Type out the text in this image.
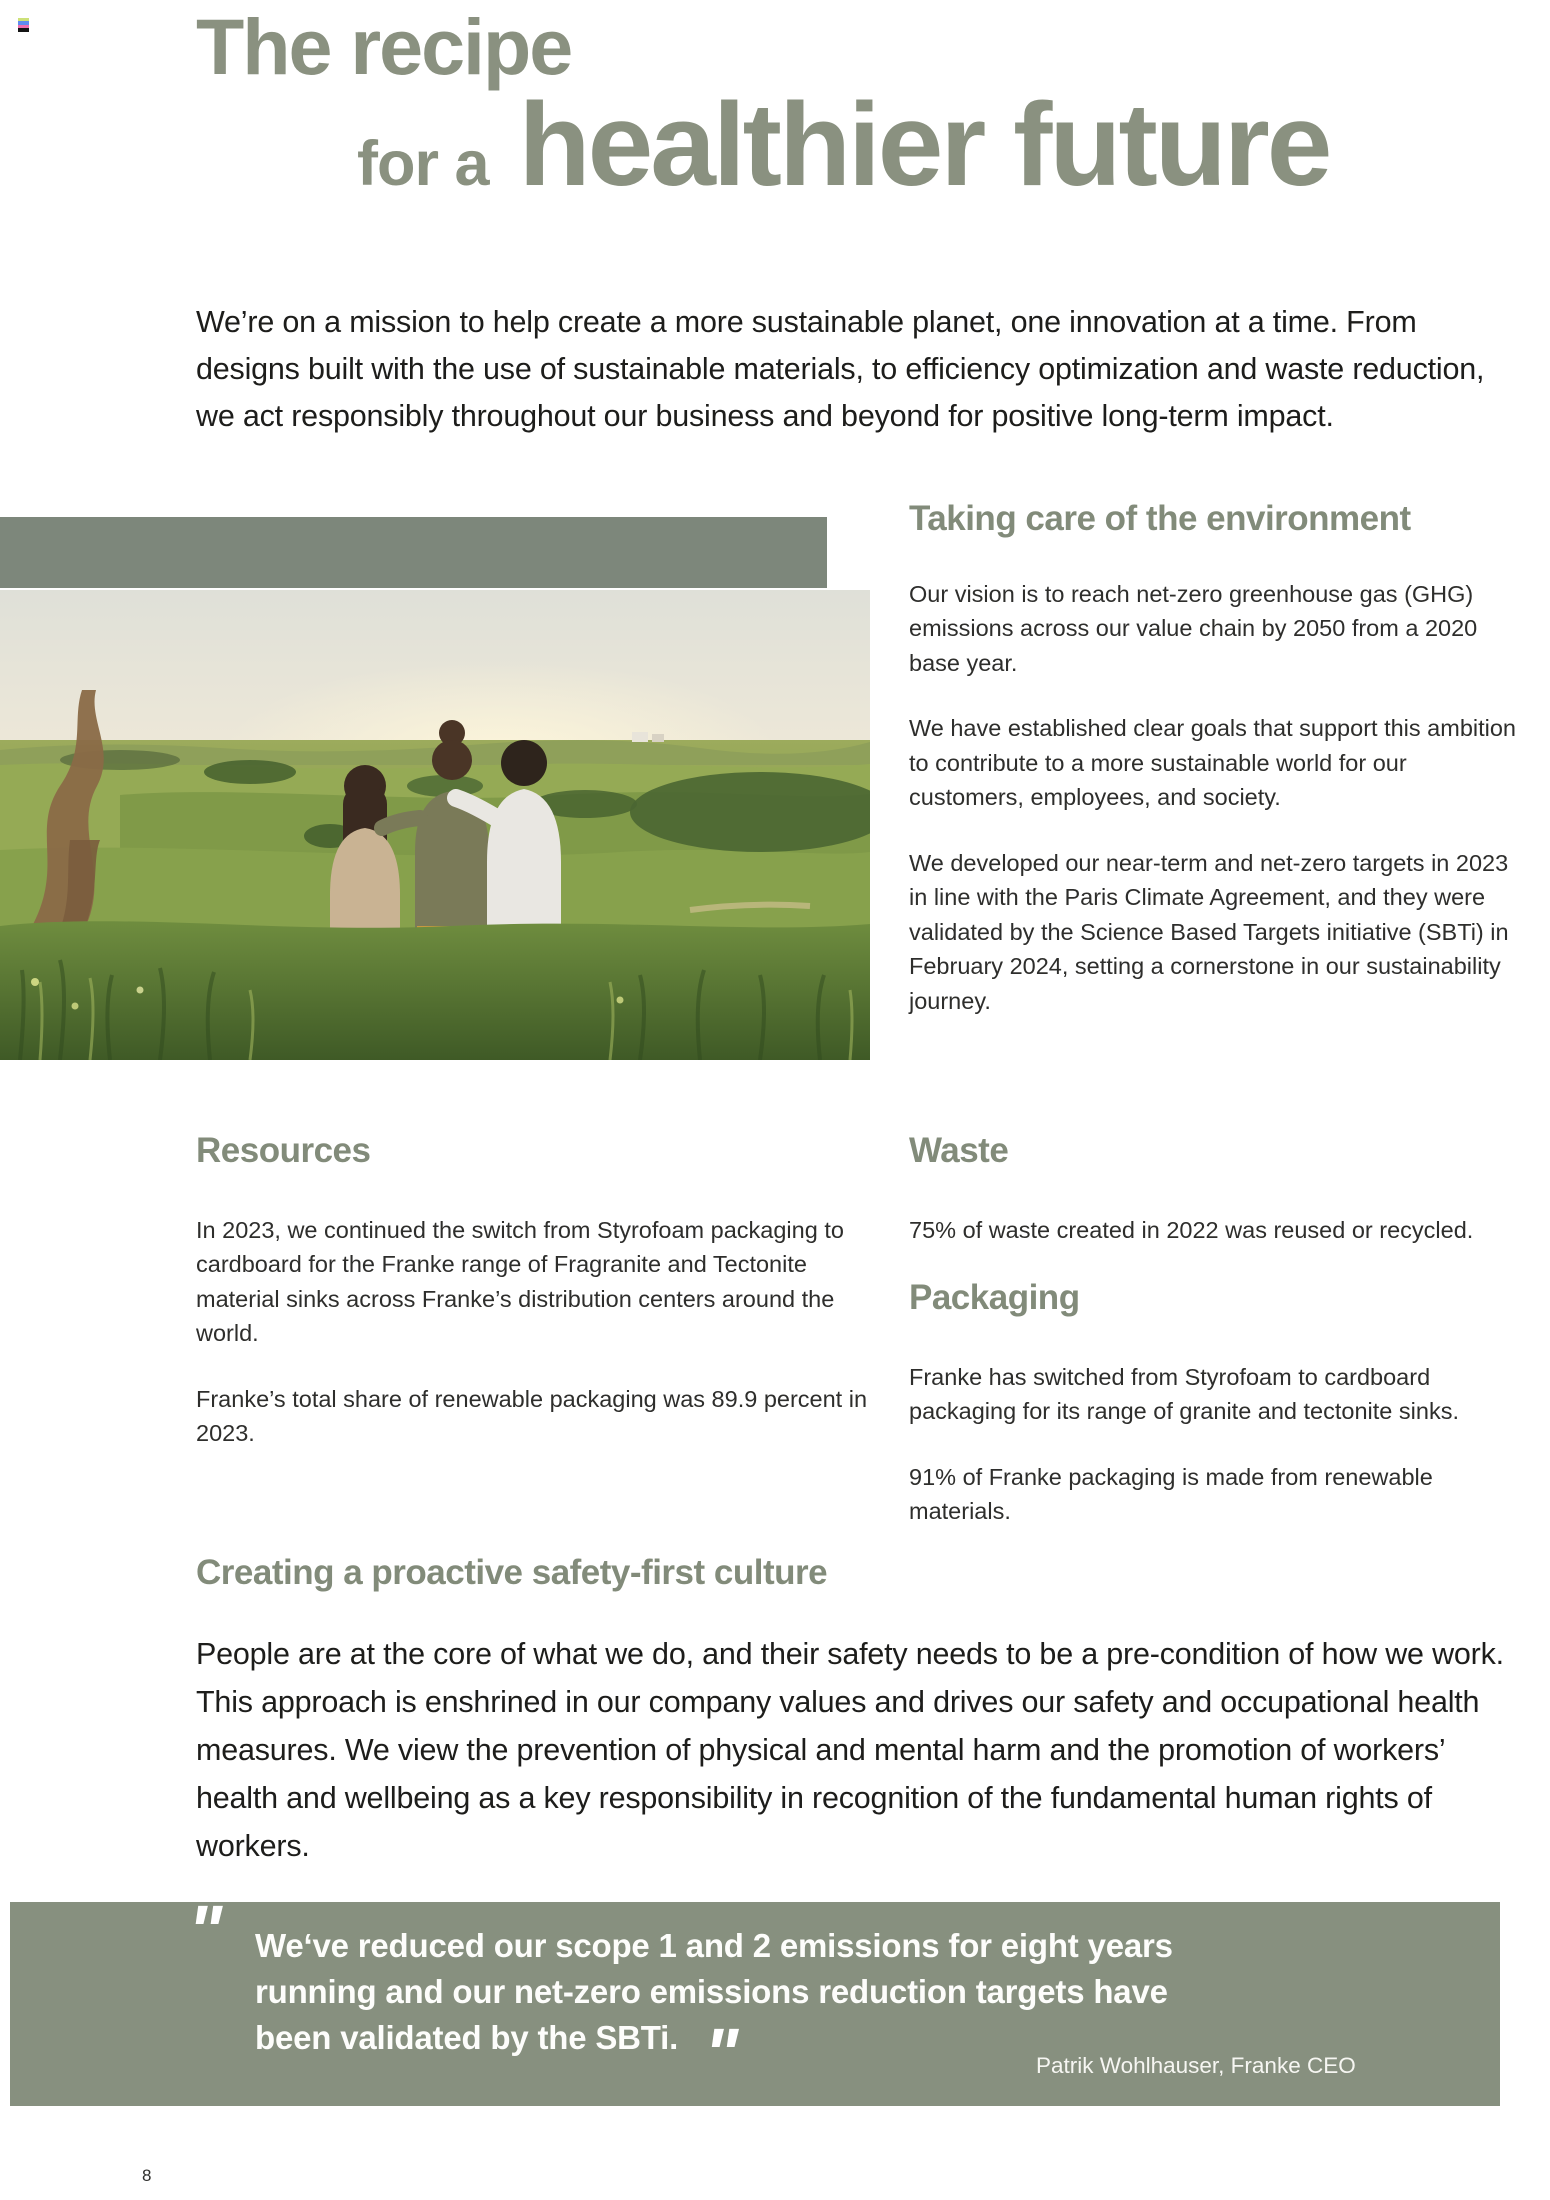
The recipe
for a healthier future

We’re on a mission to help create a more sustainable planet, one innovation at a time. From designs built with the use of sustainable materials, to efficiency optimization and waste reduction, we act responsibly throughout our business and beyond for positive long-term impact.

Taking care of the environment

Our vision is to reach net-zero greenhouse gas (GHG) emissions across our value chain by 2050 from a 2020 base year.

We have established clear goals that support this ambition to contribute to a more sustainable world for our customers, employees, and society.

We developed our near-term and net-zero targets in 2023 in line with the Paris Climate Agreement, and they were validated by the Science Based Targets initiative (SBTi) in February 2024, setting a cornerstone in our sustainability journey.

Resources

In 2023, we continued the switch from Styrofoam packaging to cardboard for the Franke range of Fragranite and Tectonite material sinks across Franke’s distribution centers around the world.

Franke’s total share of renewable packaging was 89.9 percent in 2023.

Waste

75% of waste created in 2022 was reused or recycled.

Packaging

Franke has switched from Styrofoam to cardboard packaging for its range of granite and tectonite sinks.

91% of Franke packaging is made from renewable materials.

Creating a proactive safety-first culture

People are at the core of what we do, and their safety needs to be a pre-condition of how we work. This approach is enshrined in our company values and drives our safety and occupational health measures. We view the prevention of physical and mental harm and the promotion of workers’ health and wellbeing as a key responsibility in recognition of the fundamental human rights of workers.

" We‘ve reduced our scope 1 and 2 emissions for eight years
running and our net-zero emissions reduction targets have
been validated by the SBTi. "	Patrik Wohlhauser, Franke CEO
8
